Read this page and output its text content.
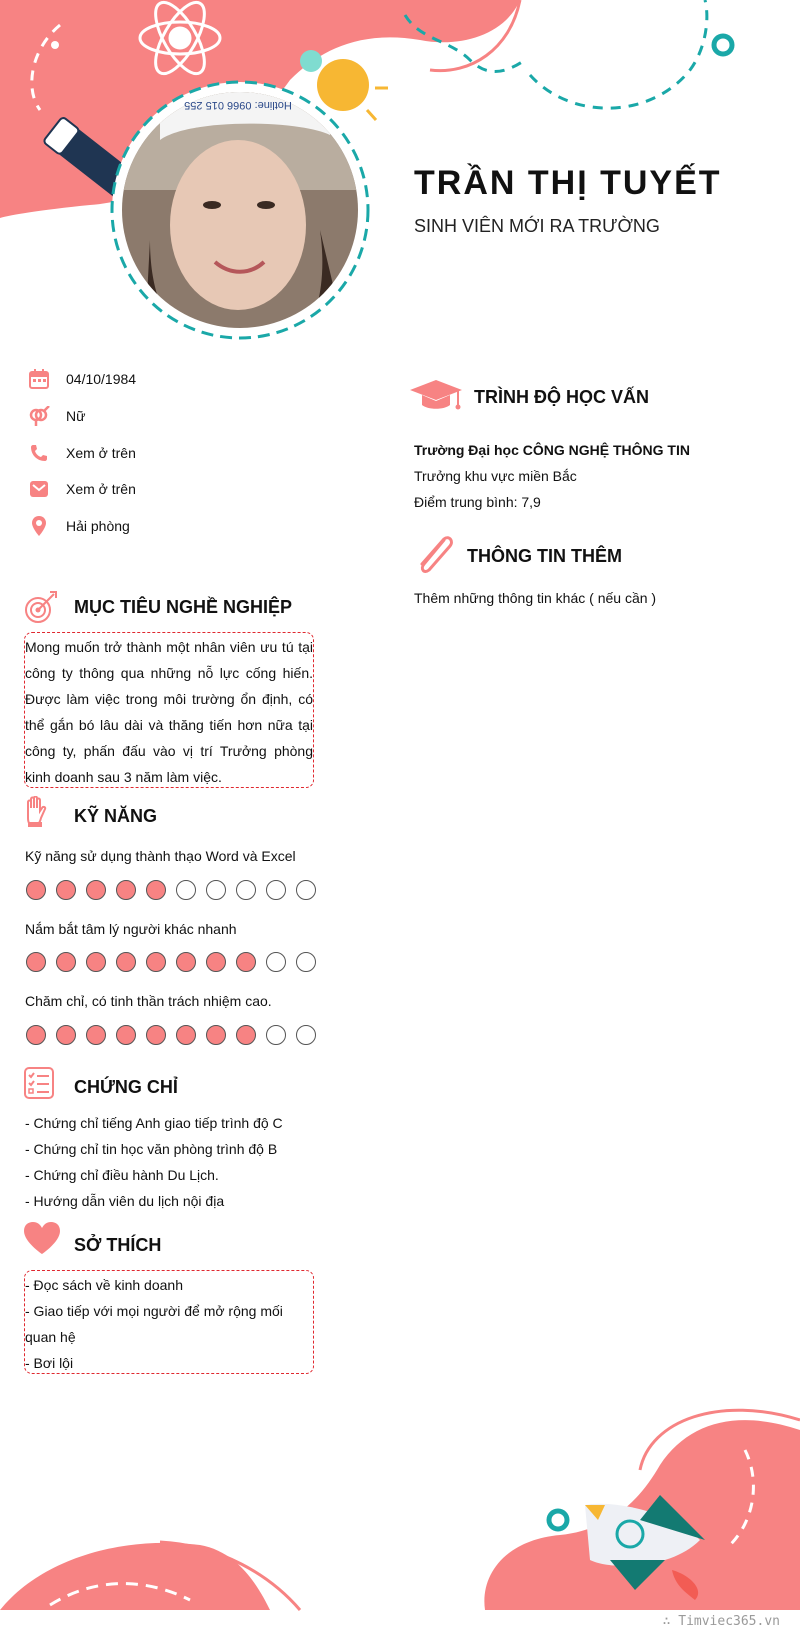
Hotline: 0966 015 255
TRẦN THỊ TUYẾT
SINH VIÊN MỚI RA TRƯỜNG
04/10/1984
Nữ
Xem ở trên
Xem ở trên
Hải phòng
MỤC TIÊU NGHỀ NGHIỆP
Mong muốn trở thành một nhân viên ưu tú tại công ty thông qua những nỗ lực cống hiến. Được làm việc trong môi trường ổn định, có thể gắn bó lâu dài và thăng tiến hơn nữa tại công ty, phấn đấu vào vị trí Trưởng phòng kinh doanh sau 3 năm làm việc.
KỸ NĂNG
Kỹ năng sử dụng thành thạo Word và Excel
Nắm bắt tâm lý người khác nhanh
Chăm chỉ, có tinh thần trách nhiệm cao.
CHỨNG CHỈ
- Chứng chỉ tiếng Anh giao tiếp trình độ C
- Chứng chỉ tin học văn phòng trình độ B
- Chứng chỉ điều hành Du Lịch.
- Hướng dẫn viên du lịch nội địa
SỞ THÍCH
- Đọc sách về kinh doanh
- Giao tiếp với mọi người để mở rộng mối quan hệ
- Bơi lội
TRÌNH ĐỘ HỌC VẤN
Trường Đại học CÔNG NGHỆ THÔNG TIN
Trưởng khu vực miền Bắc
Điểm trung bình: 7,9
THÔNG TIN THÊM
Thêm những thông tin khác ( nếu cần )
∴ Timviec365.vn
